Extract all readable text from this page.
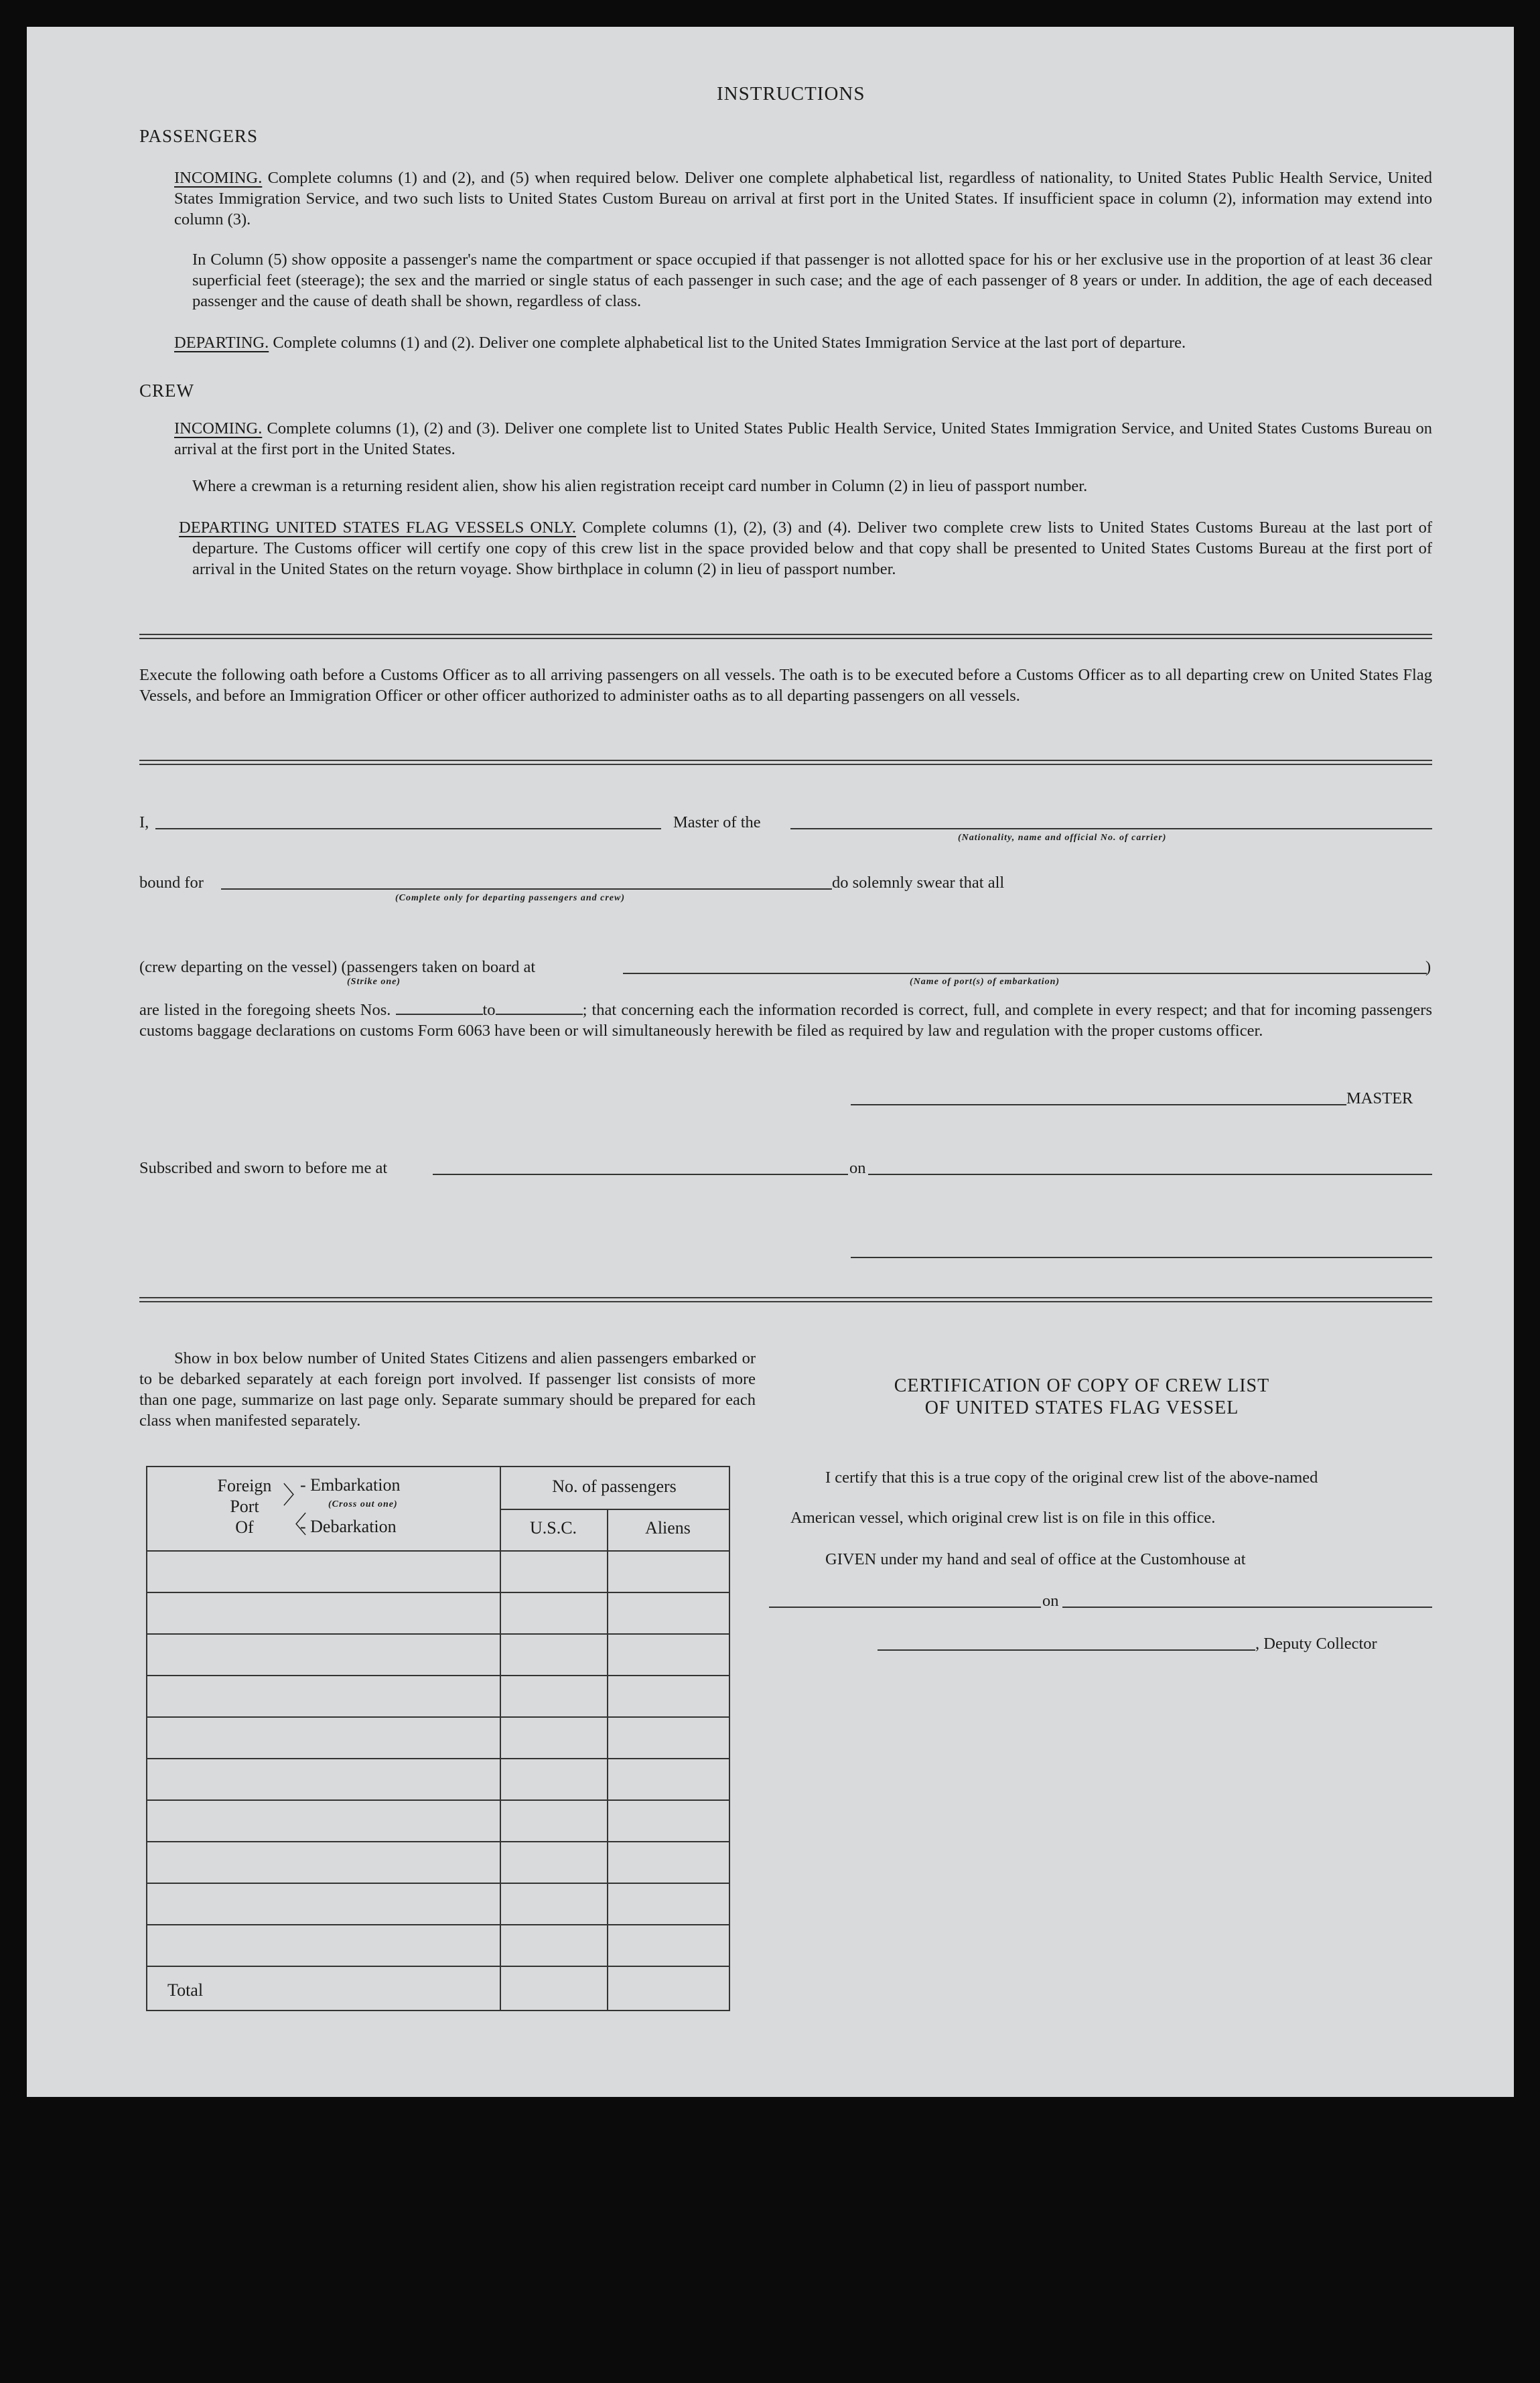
INSTRUCTIONS
PASSENGERS
INCOMING. Complete columns (1) and (2), and (5) when required below. Deliver one complete alphabetical list, regardless of nationality, to United States Public Health Service, United States Immigration Service, and two such lists to United States Custom Bureau on arrival at first port in the United States. If insufficient space in column (2), information may extend into column (3).
In Column (5) show opposite a passenger's name the compartment or space occupied if that passenger is not allotted space for his or her exclusive use in the proportion of at least 36 clear superficial feet (steerage); the sex and the married or single status of each passenger in such case; and the age of each passenger of 8 years or under. In addition, the age of each deceased passenger and the cause of death shall be shown, regardless of class.
DEPARTING. Complete columns (1) and (2). Deliver one complete alphabetical list to the United States Immigration Service at the last port of departure.
CREW
INCOMING. Complete columns (1), (2) and (3). Deliver one complete list to United States Public Health Service, United States Immigration Service, and United States Customs Bureau on arrival at the first port in the United States.
Where a crewman is a returning resident alien, show his alien registration receipt card number in Column (2) in lieu of passport number.
DEPARTING UNITED STATES FLAG VESSELS ONLY. Complete columns (1), (2), (3) and (4). Deliver two complete crew lists to United States Customs Bureau at the last port of departure. The Customs officer will certify one copy of this crew list in the space provided below and that copy shall be presented to United States Customs Bureau at the first port of arrival in the United States on the return voyage. Show birthplace in column (2) in lieu of passport number.
Execute the following oath before a Customs Officer as to all arriving passengers on all vessels. The oath is to be executed before a Customs Officer as to all departing crew on United States Flag Vessels, and before an Immigration Officer or other officer authorized to administer oaths as to all departing passengers on all vessels.
I,	Master of the
(Nationality, name and official No. of carrier)
bound for	do solemnly swear that all
(Complete only for departing passengers and crew)
(crew departing on the vessel) (passengers taken on board at	)
(Strike one)	(Name of port(s) of embarkation)
are listed in the foregoing sheets Nos.	to	; that concerning each the information recorded is correct, full, and complete in every respect; and that for incoming passengers customs baggage declarations on customs Form 6063 have been or will simultaneously herewith be filed as required by law and regulation with the proper customs officer.
MASTER
Subscribed and sworn to before me at	on
Show in box below number of United States Citizens and alien passengers embarked or to be debarked separately at each foreign port involved. If passenger list consists of more than one page, summarize on last page only. Separate summary should be prepared for each class when manifested separately.
Foreign
Port
Of
〉
〉
- Embarkation
(Cross out one)
- Debarkation
No. of passengers
U.S.C.	Aliens
Total
CERTIFICATION OF COPY OF CREW LIST
OF UNITED STATES FLAG VESSEL
I certify that this is a true copy of the original crew list of the above-named
American vessel, which original crew list is on file in this office.
GIVEN under my hand and seal of office at the Customhouse at
on
, Deputy Collector
